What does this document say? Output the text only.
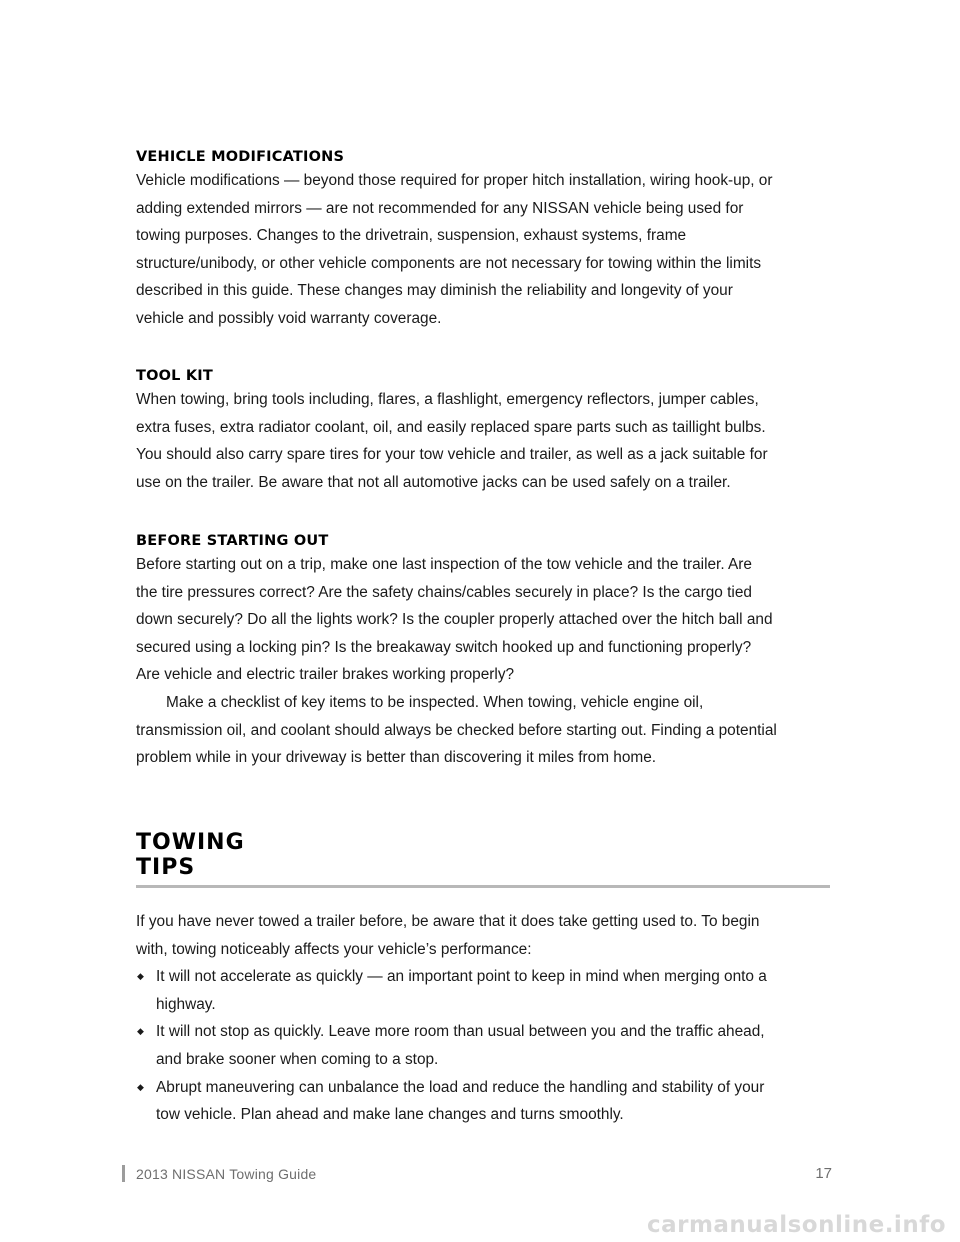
VEHICLE MODIFICATIONS

Vehicle modifications — beyond those required for proper hitch installation, wiring hook-up, or
adding extended mirrors — are not recommended for any NISSAN vehicle being used for
towing purposes. Changes to the drivetrain, suspension, exhaust systems, frame
structure/unibody, or other vehicle components are not necessary for towing within the limits
described in this guide. These changes may diminish the reliability and longevity of your
vehicle and possibly void warranty coverage.

TOOL KIT

When towing, bring tools including, flares, a flashlight, emergency reflectors, jumper cables,
extra fuses, extra radiator coolant, oil, and easily replaced spare parts such as taillight bulbs.
You should also carry spare tires for your tow vehicle and trailer, as well as a jack suitable for
use on the trailer. Be aware that not all automotive jacks can be used safely on a trailer.

BEFORE STARTING OUT

Before starting out on a trip, make one last inspection of the tow vehicle and the trailer. Are
the tire pressures correct? Are the safety chains/cables securely in place? Is the cargo tied
down securely? Do all the lights work? Is the coupler properly attached over the hitch ball and
secured using a locking pin? Is the breakaway switch hooked up and functioning properly?
Are vehicle and electric trailer brakes working properly?

Make a checklist of key items to be inspected. When towing, vehicle engine oil,
transmission oil, and coolant should always be checked before starting out. Finding a potential
problem while in your driveway is better than discovering it miles from home.

TOWING
TIPS

If you have never towed a trailer before, be aware that it does take getting used to. To begin
with, towing noticeably affects your vehicle’s performance:

◆ It will not accelerate as quickly — an important point to keep in mind when merging onto a
highway.
◆ It will not stop as quickly. Leave more room than usual between you and the traffic ahead,
and brake sooner when coming to a stop.
◆ Abrupt maneuvering can unbalance the load and reduce the handling and stability of your
tow vehicle. Plan ahead and make lane changes and turns smoothly.
2013 NISSAN Towing Guide	17
carmanualsonline.info
